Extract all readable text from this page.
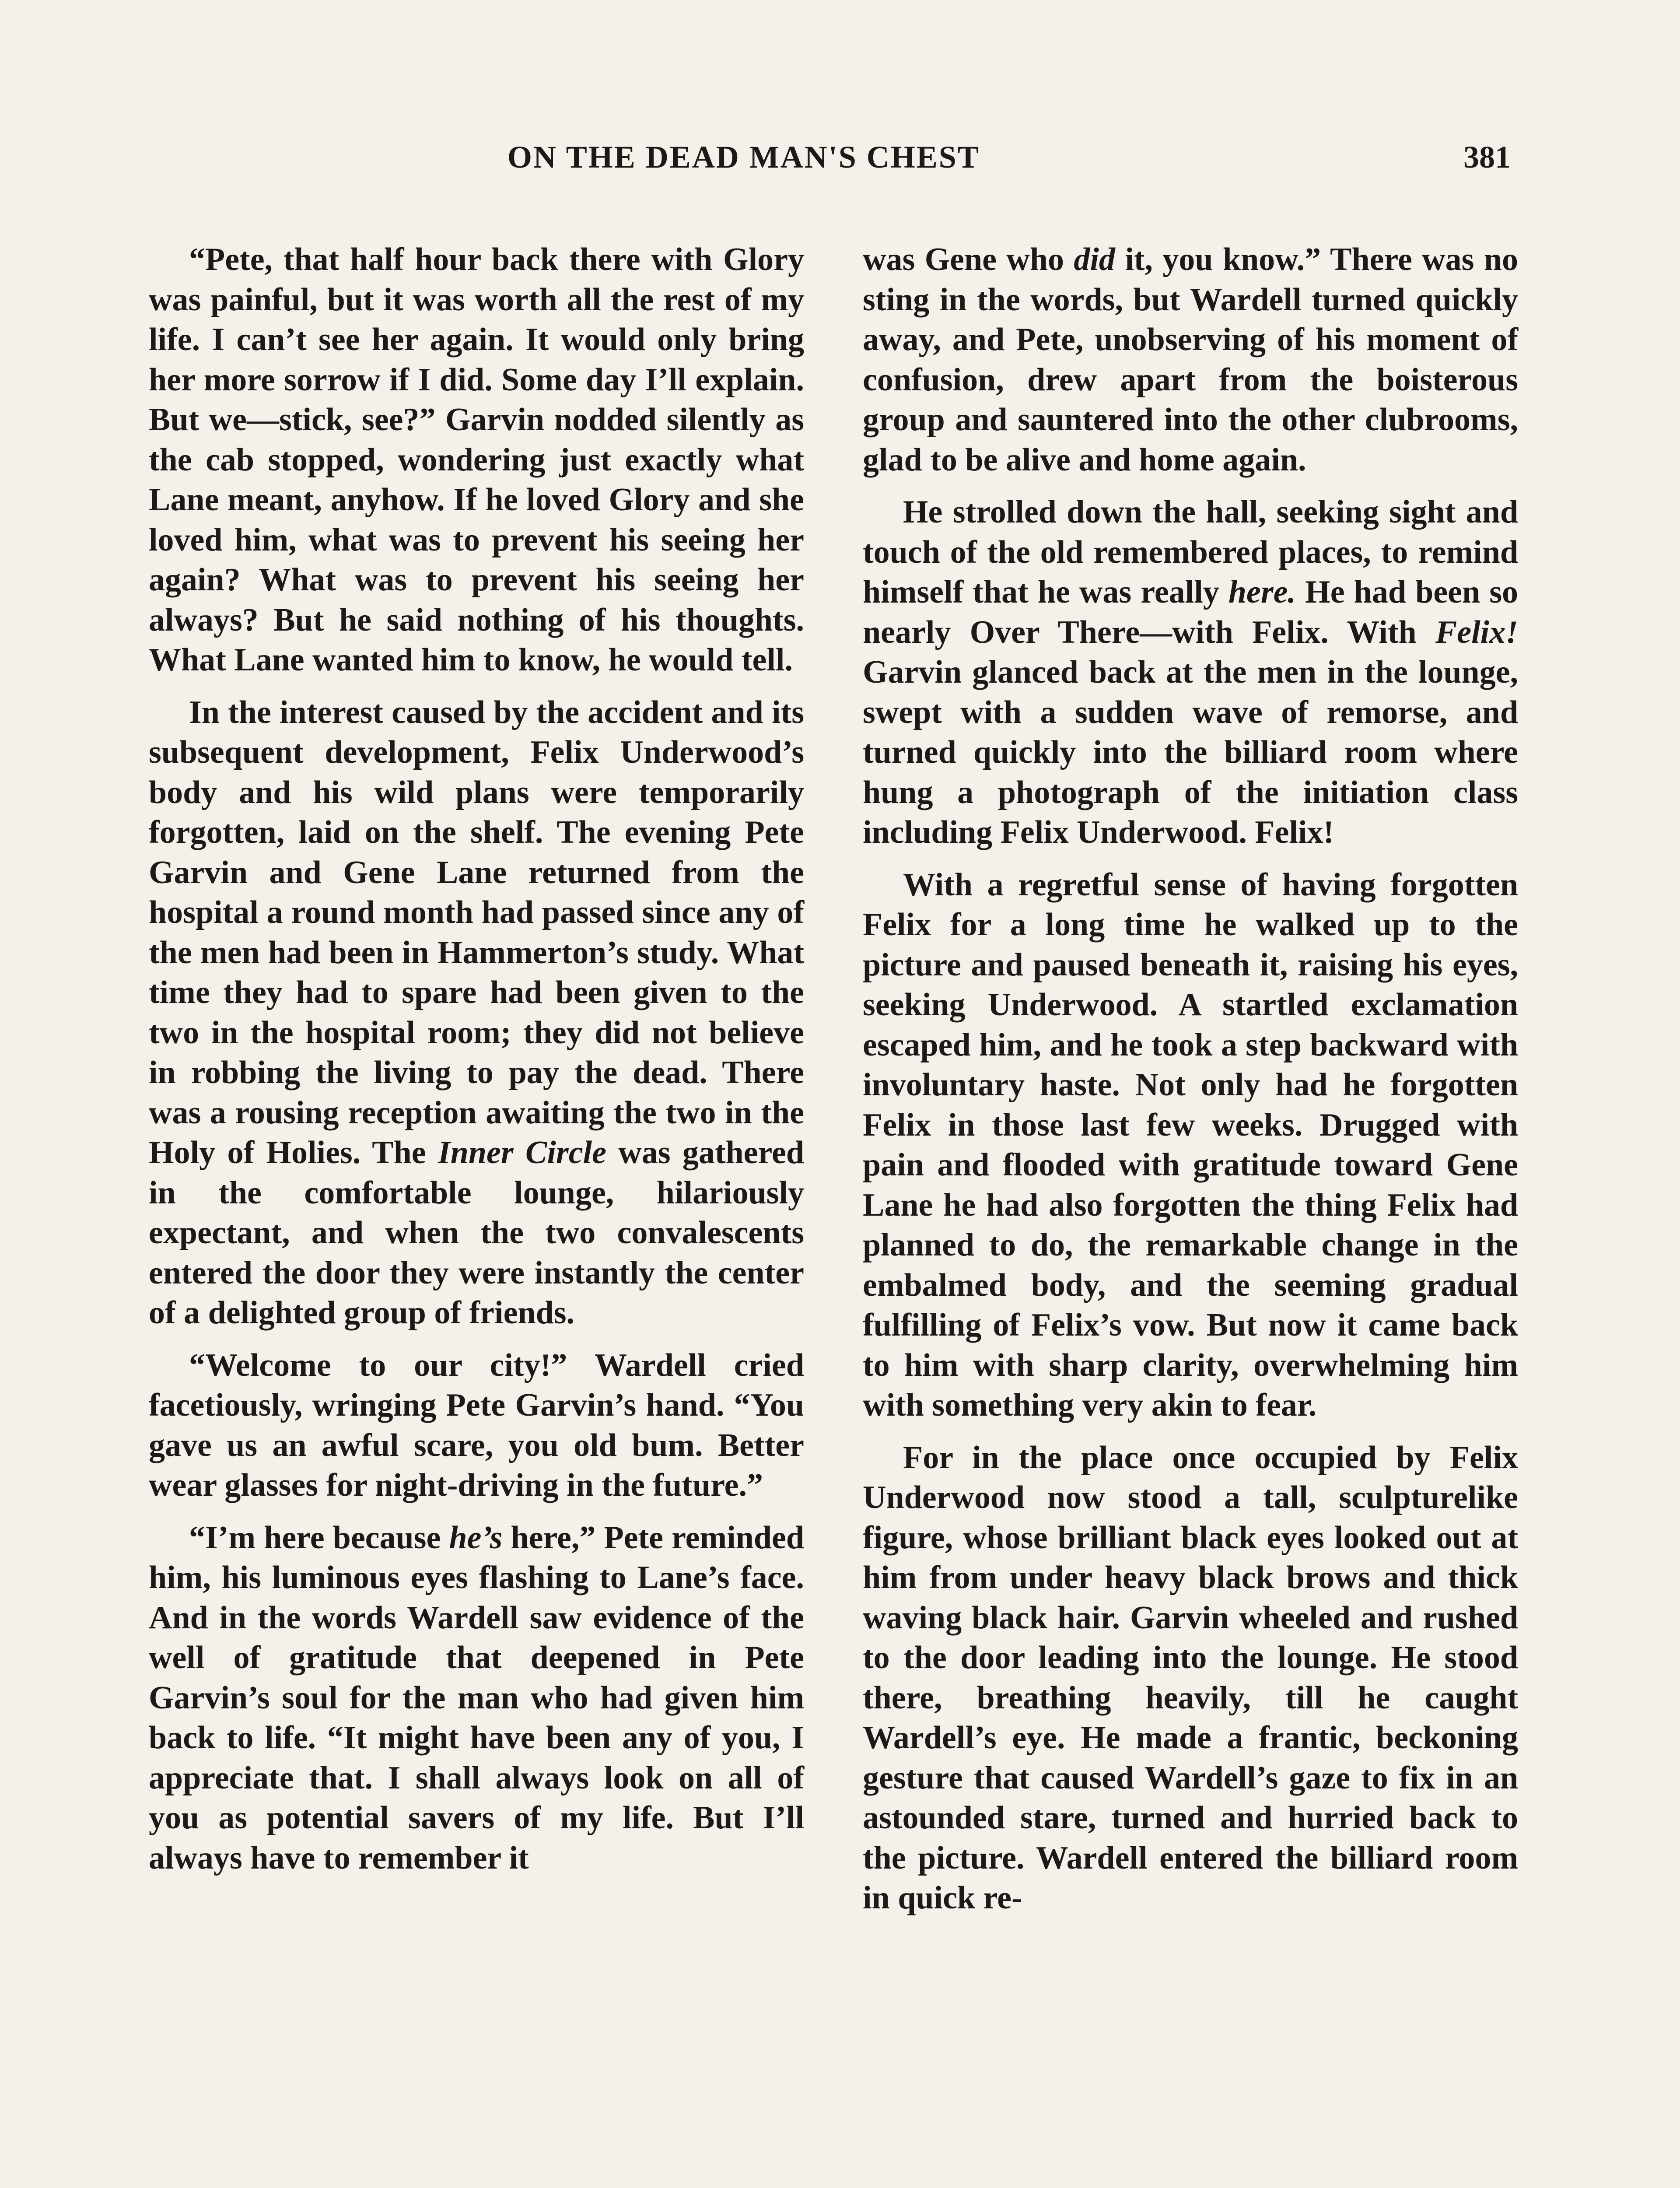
ON THE DEAD MAN'S CHEST	381

“Pete, that half hour back there with Glory was painful, but it was worth all the rest of my life. I can’t see her again. It would only bring her more sorrow if I did. Some day I’ll explain. But we—stick, see?” Garvin nodded silently as the cab stopped, wondering just exactly what Lane meant, anyhow. If he loved Glory and she loved him, what was to prevent his seeing her again? What was to prevent his seeing her always? But he said nothing of his thoughts. What Lane wanted him to know, he would tell.

In the interest caused by the accident and its subsequent development, Felix Underwood’s body and his wild plans were temporarily forgotten, laid on the shelf. The evening Pete Garvin and Gene Lane returned from the hospital a round month had passed since any of the men had been in Hammerton’s study. What time they had to spare had been given to the two in the hospital room; they did not believe in robbing the living to pay the dead. There was a rousing reception awaiting the two in the Holy of Holies. The Inner Circle was gathered in the comfortable lounge, hilariously expectant, and when the two convalescents entered the door they were instantly the center of a delighted group of friends.

“Welcome to our city!” Wardell cried facetiously, wringing Pete Garvin’s hand. “You gave us an awful scare, you old bum. Better wear glasses for night-driving in the future.”

“I’m here because he’s here,” Pete reminded him, his luminous eyes flashing to Lane’s face. And in the words Wardell saw evidence of the well of gratitude that deepened in Pete Garvin’s soul for the man who had given him back to life. “It might have been any of you, I appreciate that. I shall always look on all of you as potential savers of my life. But I’ll always have to remember it

was Gene who did it, you know.” There was no sting in the words, but Wardell turned quickly away, and Pete, unobserving of his moment of confusion, drew apart from the boisterous group and sauntered into the other clubrooms, glad to be alive and home again.

He strolled down the hall, seeking sight and touch of the old remembered places, to remind himself that he was really here. He had been so nearly Over There—with Felix. With Felix! Garvin glanced back at the men in the lounge, swept with a sudden wave of remorse, and turned quickly into the billiard room where hung a photograph of the initiation class including Felix Underwood. Felix!

With a regretful sense of having forgotten Felix for a long time he walked up to the picture and paused beneath it, raising his eyes, seeking Underwood. A startled exclamation escaped him, and he took a step backward with involuntary haste. Not only had he forgotten Felix in those last few weeks. Drugged with pain and flooded with gratitude toward Gene Lane he had also forgotten the thing Felix had planned to do, the remarkable change in the embalmed body, and the seeming gradual fulfilling of Felix’s vow. But now it came back to him with sharp clarity, overwhelming him with something very akin to fear.

For in the place once occupied by Felix Underwood now stood a tall, sculpturelike figure, whose brilliant black eyes looked out at him from under heavy black brows and thick waving black hair. Garvin wheeled and rushed to the door leading into the lounge. He stood there, breathing heavily, till he caught Wardell’s eye. He made a frantic, beckoning gesture that caused Wardell’s gaze to fix in an astounded stare, turned and hurried back to the picture. Wardell entered the billiard room in quick re-
